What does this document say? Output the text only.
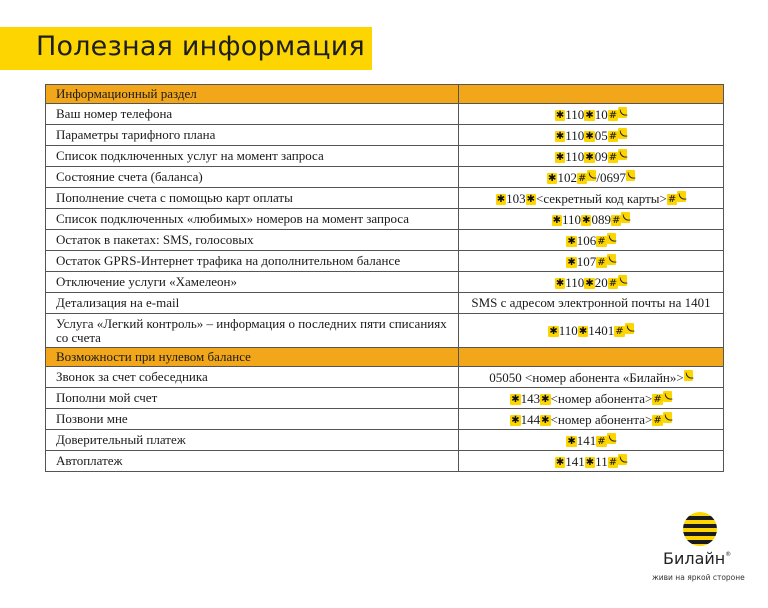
Полезная информация
Информационный раздел	
Ваш номер телефона	✱110✱10#
Параметры тарифного плана	✱110✱05#
Список подключенных услуг на момент запроса	✱110✱09#
Состояние счета (баланса)	✱102# /0697
Пополнение счета с помощью карт оплаты	✱103✱<секретный код карты>#
Список подключенных «любимых» номеров на момент запроса	✱110✱089#
Остаток в пакетах: SMS, голосовых	✱106#
Остаток GPRS-Интернет трафика на дополнительном балансе	✱107#
Отключение услуги «Хамелеон»	✱110✱20#
Детализация на e-mail	SMS с адресом электронной почты на 1401
Услуга «Легкий контроль» – информация о последних пяти списаниях со счета	✱110✱1401#
Возможности при нулевом балансе	
Звонок за счет собеседника	05050 <номер абонента «Билайн»>
Пополни мой счет	✱143✱<номер абонента>#
Позвони мне	✱144✱<номер абонента>#
Доверительный платеж	✱141#
Автоплатеж	✱141✱11#
Билайн®
живи на яркой стороне
